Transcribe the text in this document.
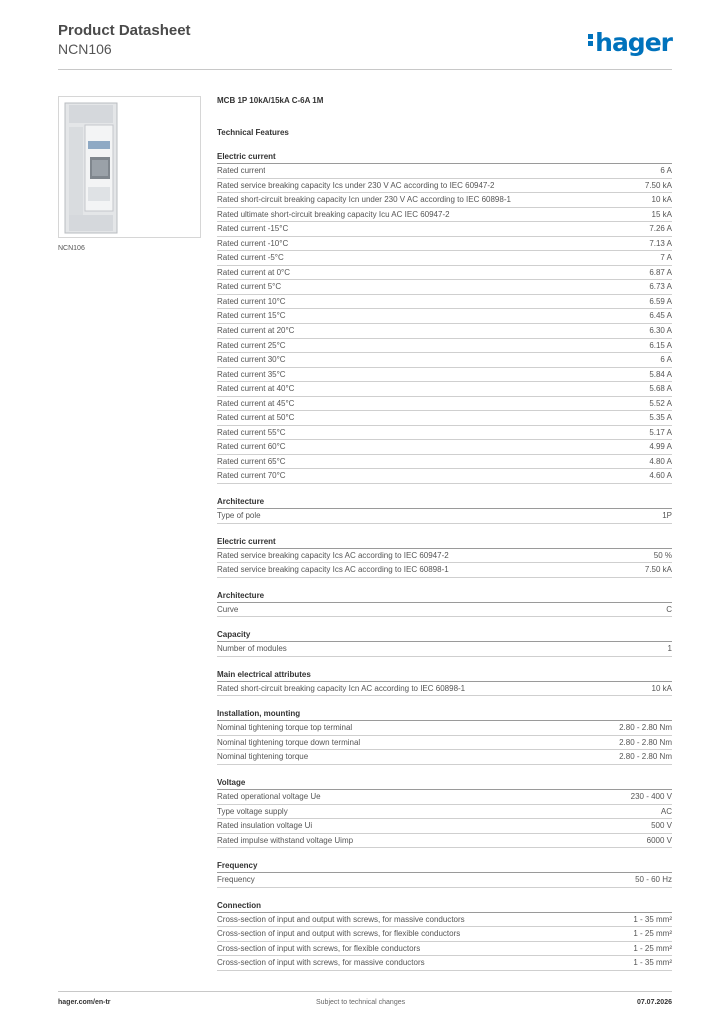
Product Datasheet
NCN106	hager
NCN106
MCB 1P 10kA/15kA C-6A 1M
Technical Features
Electric current
Rated current	6 A
Rated service breaking capacity Ics under 230 V AC according to IEC 60947-2	7.50 kA
Rated short-circuit breaking capacity Icn under 230 V AC according to IEC 60898-1	10 kA
Rated ultimate short-circuit breaking capacity Icu AC IEC 60947-2	15 kA
Rated current -15°C	7.26 A
Rated current -10°C	7.13 A
Rated current -5°C	7 A
Rated current at 0°C	6.87 A
Rated current 5°C	6.73 A
Rated current 10°C	6.59 A
Rated current 15°C	6.45 A
Rated current at 20°C	6.30 A
Rated current 25°C	6.15 A
Rated current 30°C	6 A
Rated current 35°C	5.84 A
Rated current at 40°C	5.68 A
Rated current at 45°C	5.52 A
Rated current at 50°C	5.35 A
Rated current 55°C	5.17 A
Rated current 60°C	4.99 A
Rated current 65°C	4.80 A
Rated current 70°C	4.60 A
Architecture
Type of pole	1P
Electric current
Rated service breaking capacity Ics AC according to IEC 60947-2	50 %
Rated service breaking capacity Ics AC according to IEC 60898-1	7.50 kA
Architecture
Curve	C
Capacity
Number of modules	1
Main electrical attributes
Rated short-circuit breaking capacity Icn AC according to IEC 60898-1	10 kA
Installation, mounting
Nominal tightening torque top terminal	2.80 - 2.80 Nm
Nominal tightening torque down terminal	2.80 - 2.80 Nm
Nominal tightening torque	2.80 - 2.80 Nm
Voltage
Rated operational voltage Ue	230 - 400 V
Type voltage supply	AC
Rated insulation voltage Ui	500 V
Rated impulse withstand voltage Uimp	6000 V
Frequency
Frequency	50 - 60 Hz
Connection
Cross-section of input and output with screws, for massive conductors	1 - 35 mm²
Cross-section of input and output with screws, for flexible conductors	1 - 25 mm²
Cross-section of input with screws, for flexible conductors	1 - 25 mm²
Cross-section of input with screws, for massive conductors	1 - 35 mm²
hager.com/en-tr	Subject to technical changes	07.07.2026
